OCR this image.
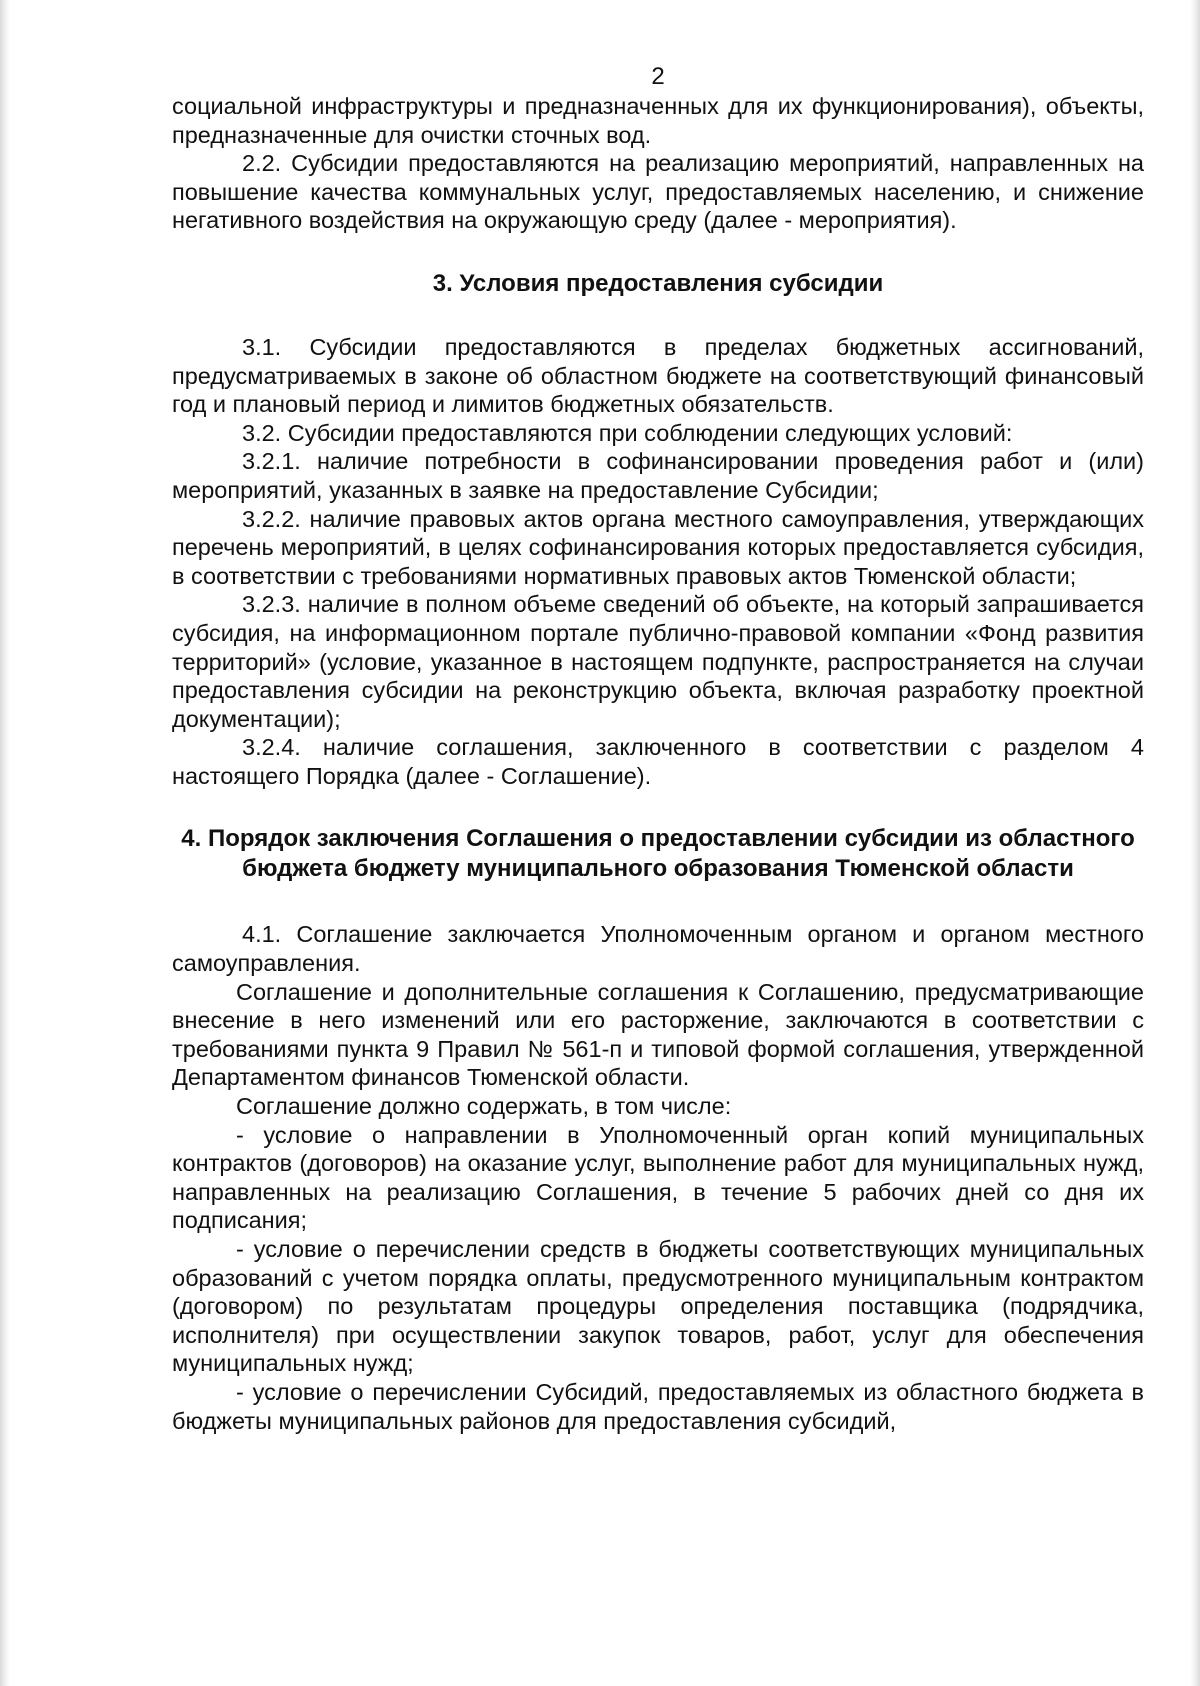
2

социальной инфраструктуры и предназначенных для их функционирования), объекты, предназначенные для очистки сточных вод.

2.2. Субсидии предоставляются на реализацию мероприятий, направленных на повышение качества коммунальных услуг, предоставляемых населению, и снижение негативного воздействия на окружающую среду (далее - мероприятия).

3. Условия предоставления субсидии

3.1. Субсидии предоставляются в пределах бюджетных ассигнований, предусматриваемых в законе об областном бюджете на соответствующий финансовый год и плановый период и лимитов бюджетных обязательств.

3.2. Субсидии предоставляются при соблюдении следующих условий:

3.2.1. наличие потребности в софинансировании проведения работ и (или) мероприятий, указанных в заявке на предоставление Субсидии;

3.2.2. наличие правовых актов органа местного самоуправления, утверждающих перечень мероприятий, в целях софинансирования которых предоставляется субсидия, в соответствии с требованиями нормативных правовых актов Тюменской области;

3.2.3. наличие в полном объеме сведений об объекте, на который запрашивается субсидия, на информационном портале публично-правовой компании «Фонд развития территорий» (условие, указанное в настоящем подпункте, распространяется на случаи предоставления субсидии на реконструкцию объекта, включая разработку проектной документации);

3.2.4. наличие соглашения, заключенного в соответствии с разделом 4 настоящего Порядка (далее - Соглашение).

4. Порядок заключения Соглашения о предоставлении субсидии из областного бюджета бюджету муниципального образования Тюменской области

4.1. Соглашение заключается Уполномоченным органом и органом местного самоуправления.

Соглашение и дополнительные соглашения к Соглашению, предусматривающие внесение в него изменений или его расторжение, заключаются в соответствии с требованиями пункта 9 Правил № 561-п и типовой формой соглашения, утвержденной Департаментом финансов Тюменской области.

Соглашение должно содержать, в том числе:

- условие о направлении в Уполномоченный орган копий муниципальных контрактов (договоров) на оказание услуг, выполнение работ для муниципальных нужд, направленных на реализацию Соглашения, в течение 5 рабочих дней со дня их подписания;

- условие о перечислении средств в бюджеты соответствующих муниципальных образований с учетом порядка оплаты, предусмотренного муниципальным контрактом (договором) по результатам процедуры определения поставщика (подрядчика, исполнителя) при осуществлении закупок товаров, работ, услуг для обеспечения муниципальных нужд;

- условие о перечислении Субсидий, предоставляемых из областного бюджета в бюджеты муниципальных районов для предоставления субсидий,
